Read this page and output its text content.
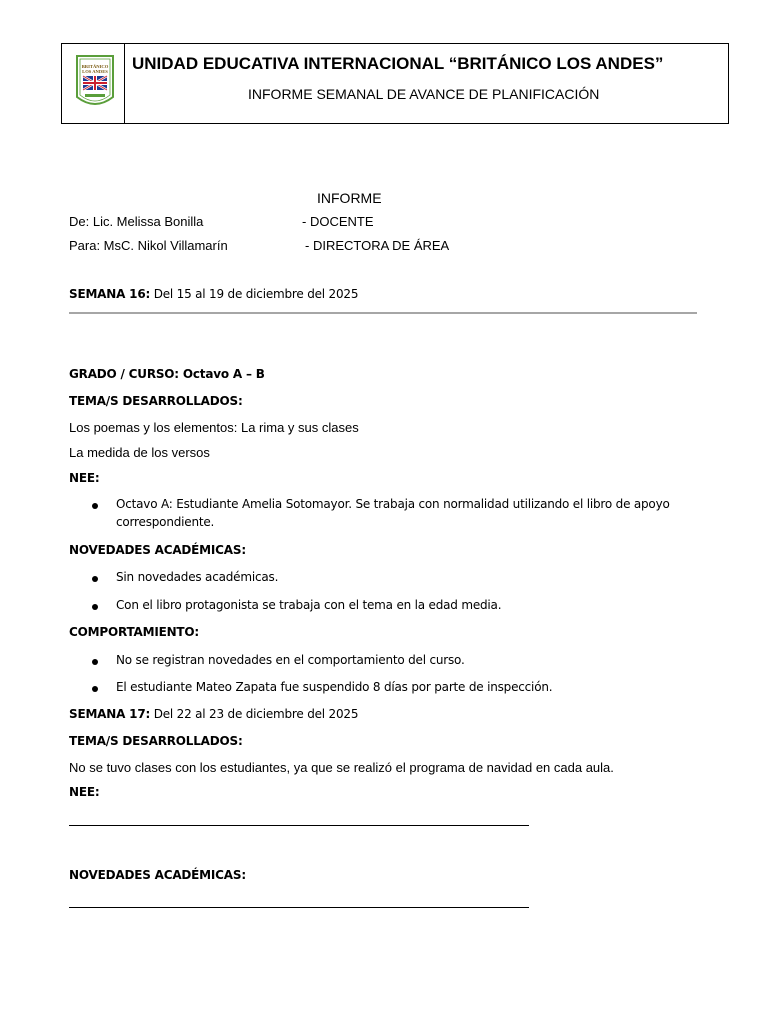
BRITÁNICO
LOS ANDES UNIDAD EDUCATIVA INTERNACIONAL “BRITÁNICO LOS ANDES”
INFORME SEMANAL DE AVANCE DE PLANIFICACIÓN
INFORME
De: Lic. Melissa Bonilla	- DOCENTE
Para: MsC. Nikol Villamarín	- DIRECTORA DE ÁREA
SEMANA 16: Del 15 al 19 de diciembre del 2025
GRADO / CURSO: Octavo A – B
TEMA/S DESARROLLADOS:
Los poemas y los elementos: La rima y sus clases
La medida de los versos
NEE:
Octavo A: Estudiante Amelia Sotomayor. Se trabaja con normalidad utilizando el libro de apoyo
correspondiente.
NOVEDADES ACADÉMICAS:
Sin novedades académicas.
Con el libro protagonista se trabaja con el tema en la edad media.
COMPORTAMIENTO:
No se registran novedades en el comportamiento del curso.
El estudiante Mateo Zapata fue suspendido 8 días por parte de inspección.
SEMANA 17: Del 22 al 23 de diciembre del 2025
TEMA/S DESARROLLADOS:
No se tuvo clases con los estudiantes, ya que se realizó el programa de navidad en cada aula.
NEE:
NOVEDADES ACADÉMICAS:
